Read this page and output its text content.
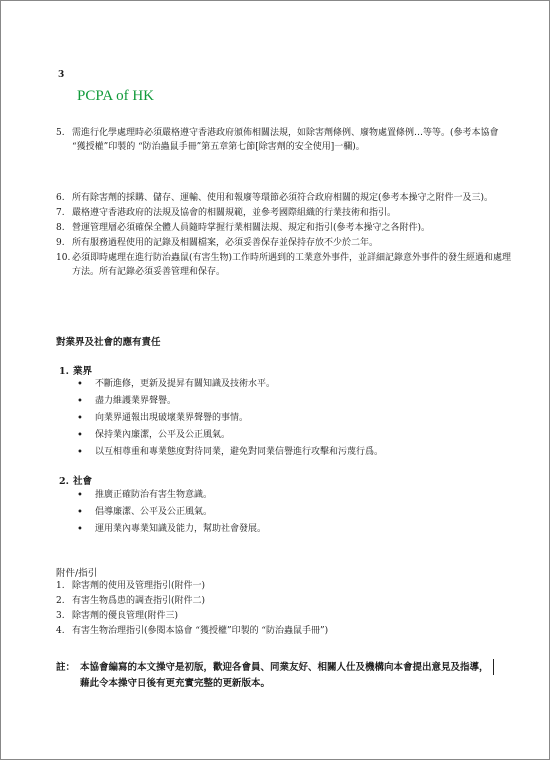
3
PCPA of HK
5. 需進行化學處理時必須嚴格遵守香港政府頒佈相關法規，如除害劑條例、廢物處置條例…等等。(參考本協會 “獲授權”印製的 “防治蟲鼠手冊”第五章第七節[除害劑的安全使用]一欄)。
6. 所有除害劑的採購、儲存、運輸、使用和報廢等環節必須符合政府相關的規定(參考本操守之附件一及三)。
7. 嚴格遵守香港政府的法規及協會的相關規範，並參考國際組織的行業技術和指引。
8. 營運管理層必須確保全體人員隨時掌握行業相關法規、規定和指引(參考本操守之各附件)。
9. 所有服務過程使用的記錄及相關檔案，必須妥善保存並保持存放不少於二年。
10. 必須即時處理在進行防治蟲鼠(有害生物)工作時所遇到的工業意外事件，並詳細記錄意外事件的發生經過和處理方法。所有記錄必須妥善管理和保存。
對業界及社會的應有責任
1. 業界
• 不斷進修，更新及提昇有關知識及技術水平。
• 盡力維護業界聲譽。
• 向業界通報出現破壞業界聲譽的事情。
• 保持業內廉潔，公平及公正風氣。
• 以互相尊重和專業態度對待同業，避免對同業信譽進行攻擊和污蔑行爲。
2. 社會
• 推廣正確防治有害生物意識。
• 倡導廉潔、公平及公正風氣。
• 運用業內專業知識及能力，幫助社會發展。
附件/指引
1. 除害劑的使用及管理指引(附件一)
2. 有害生物爲患的調查指引(附件二)
3. 除害劑的優良管理(附件三)
4. 有害生物治理指引(參閱本協會 “獲授權”印製的 “防治蟲鼠手冊”)
註： 本協會編寫的本文操守是初版，歡迎各會員、同業友好、相關人仕及機構向本會提出意見及指導，藉此令本操守日後有更充實完整的更新版本。
